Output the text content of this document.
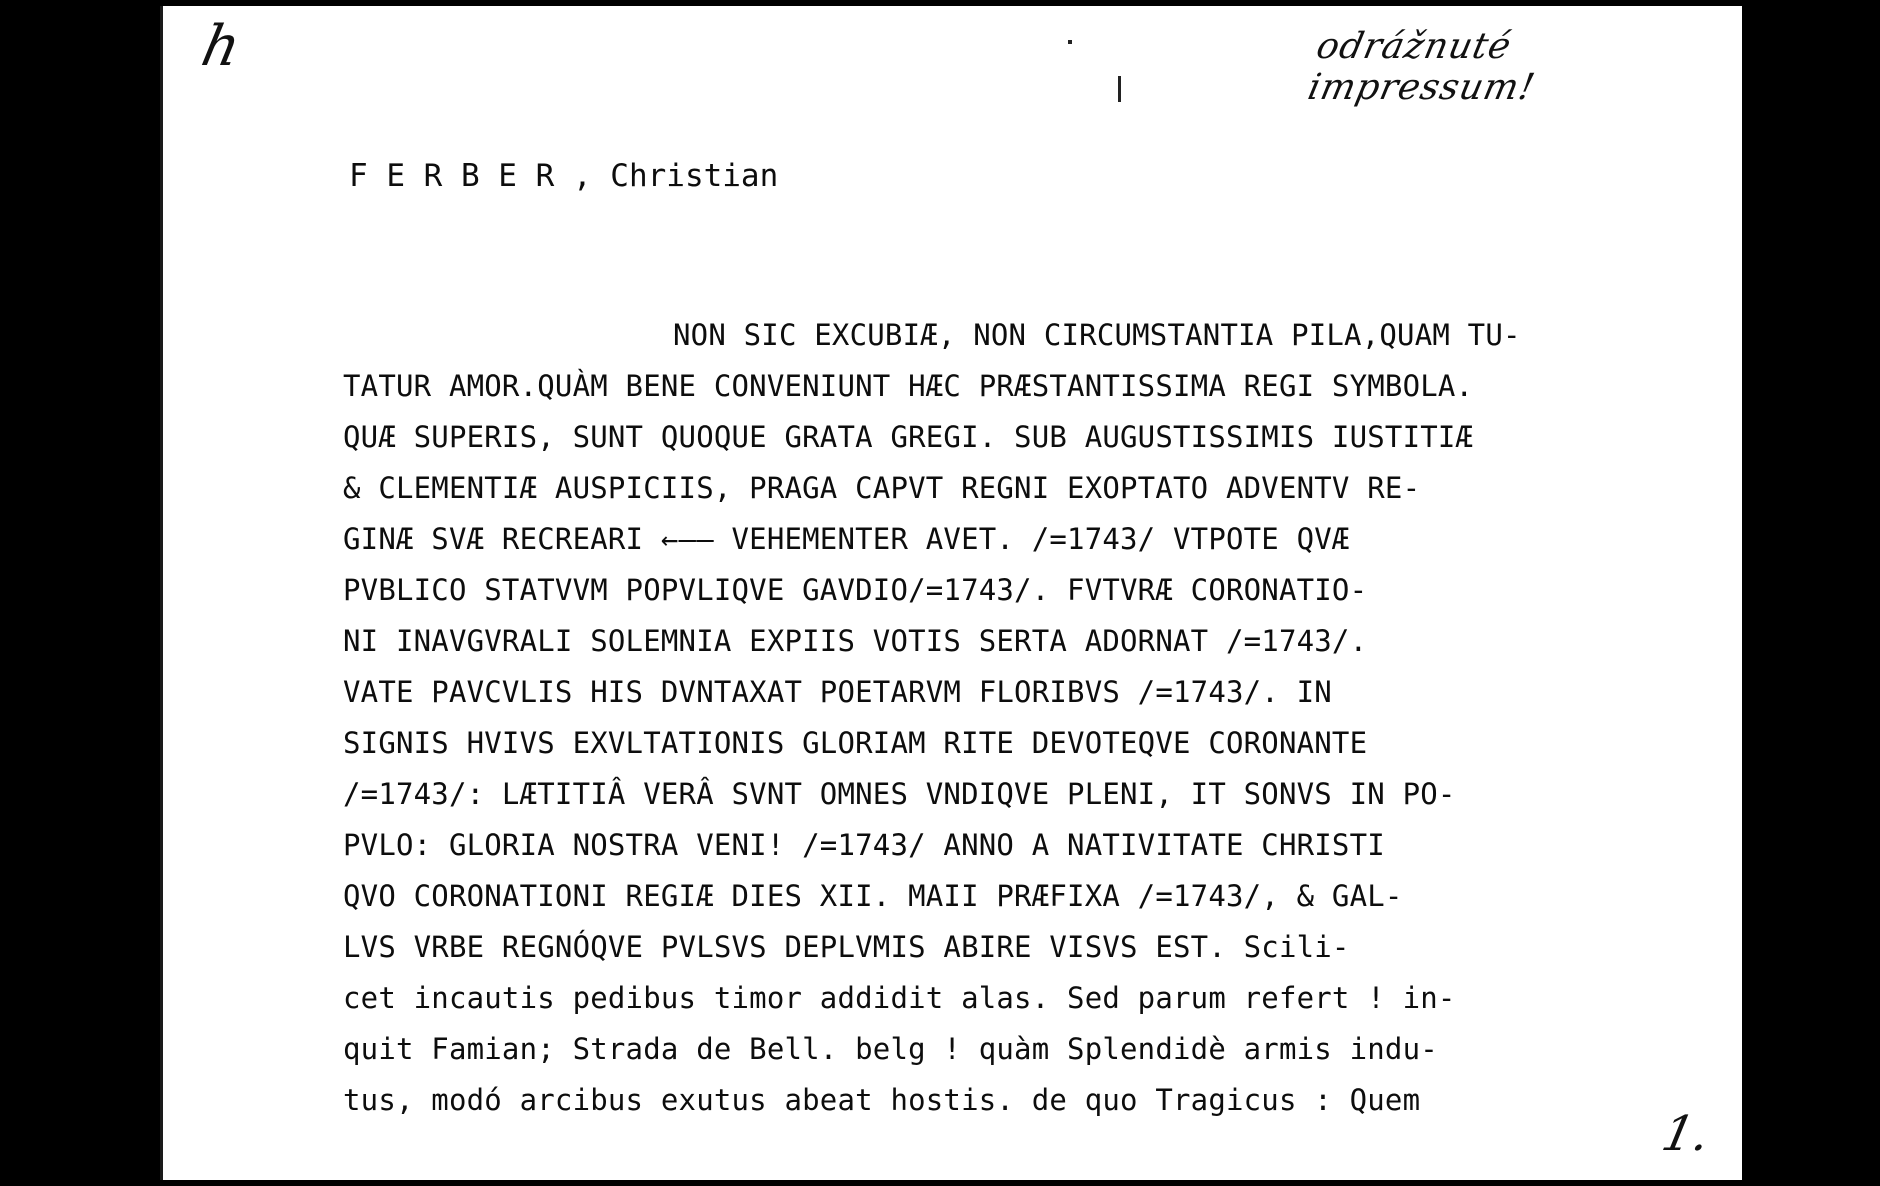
h	odrážnuté impressum!
F E R B E R , Christian
NON SIC EXCUBIÆ, NON CIRCUMSTANTIA PILA,QUAM TU-
TATUR AMOR.QUÀM BENE CONVENIUNT HÆC PRÆSTANTISSIMA REGI SYMBOLA.
QUÆ SUPERIS, SUNT QUOQUE GRATA GREGI. SUB AUGUSTISSIMIS IUSTITIÆ
& CLEMENTIÆ AUSPICIIS, PRAGA CAPVT REGNI EXOPTATO ADVENTV RE-
GINÆ SVÆ RECREARI ←—— VEHEMENTER AVET. /=1743/ VTPOTE QVÆ
PVBLICO STATVVM POPVLIQVE GAVDIO/=1743/. FVTVRÆ CORONATIO-
NI INAVGVRALI SOLEMNIA EXPIIS VOTIS SERTA ADORNAT /=1743/.
VATE PAVCVLIS HIS DVNTAXAT POETARVM FLORIBVS /=1743/. IN
SIGNIS HVIVS EXVLTATIONIS GLORIAM RITE DEVOTEQVE CORONANTE
/=1743/: LÆTITIÂ VERÂ SVNT OMNES VNDIQVE PLENI, IT SONVS IN PO-
PVLO: GLORIA NOSTRA VENI! /=1743/ ANNO A NATIVITATE CHRISTI
QVO CORONATIONI REGIÆ DIES XII. MAII PRÆFIXA /=1743/, & GAL-
LVS VRBE REGNÓQVE PVLSVS DEPLVMIS ABIRE VISVS EST. Scili-
cet incautis pedibus timor addidit alas. Sed parum refert ! in-
quit Famian; Strada de Bell. belg ! quàm Splendidè armis indu-
tus, modó arcibus exutus abeat hostis. de quo Tragicus : Quem
1.
